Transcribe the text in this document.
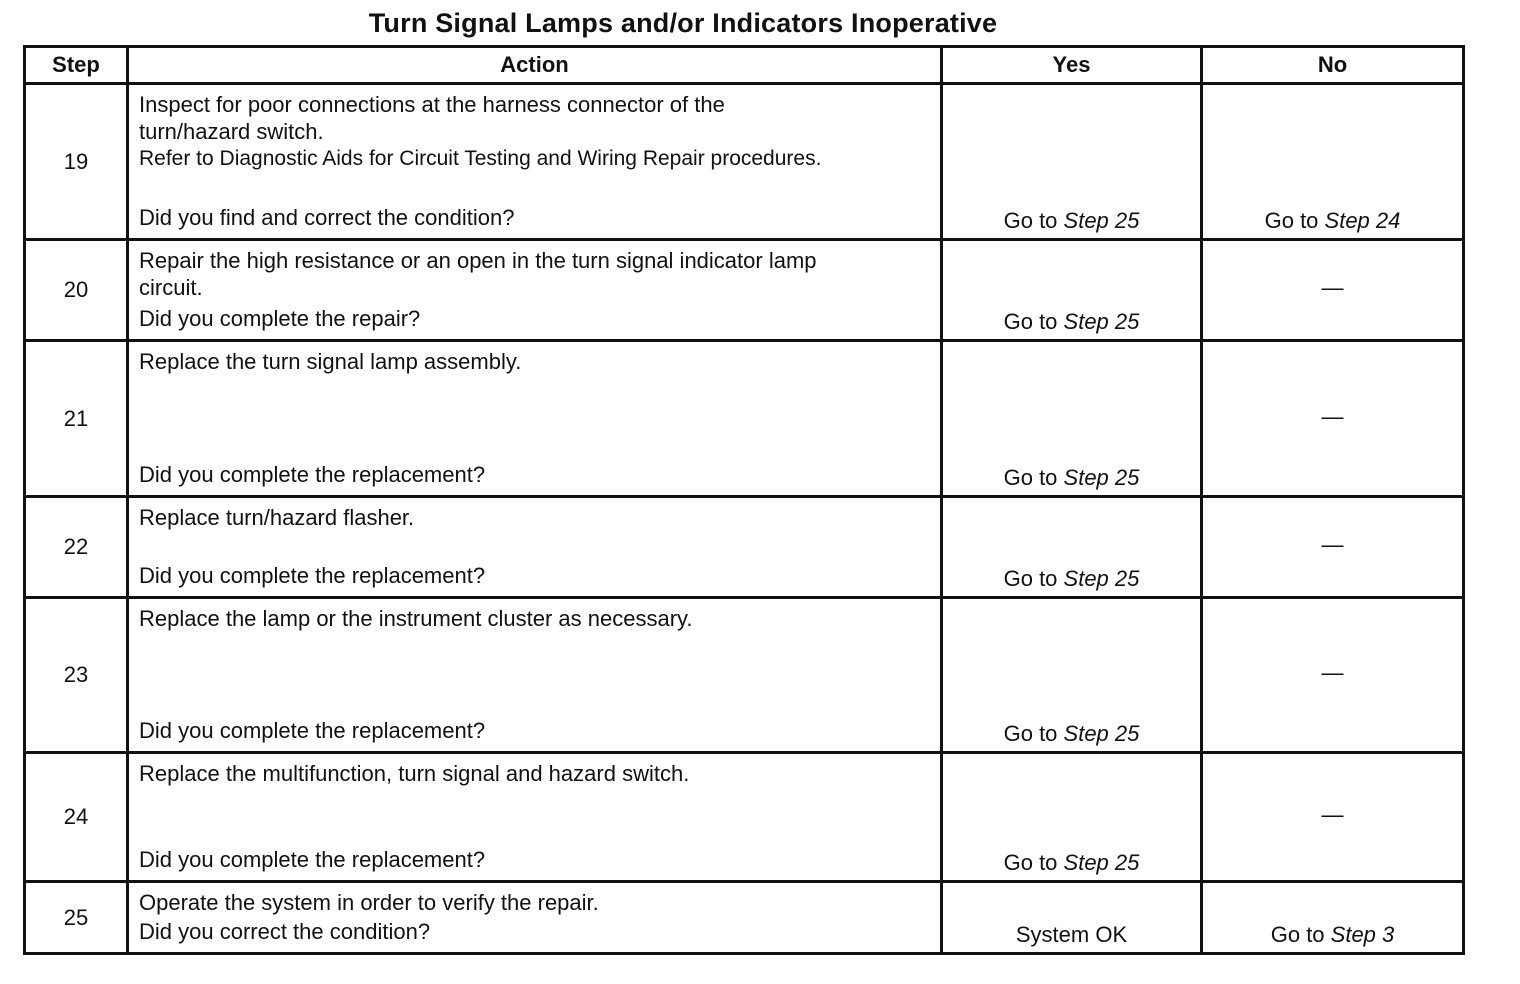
Turn Signal Lamps and/or Indicators Inoperative
Step	Action	Yes	No
19	Inspect for poor connections at the harness connector of the
turn/hazard switch.
Refer to Diagnostic Aids for Circuit Testing and Wiring Repair procedures.
Did you find and correct the condition?	Go to Step 25	Go to Step 24
20	Repair the high resistance or an open in the turn signal indicator lamp
circuit.
Did you complete the repair?	Go to Step 25	—
21	Replace the turn signal lamp assembly.
Did you complete the replacement?	Go to Step 25	—
22	Replace turn/hazard flasher.
Did you complete the replacement?	Go to Step 25	—
23	Replace the lamp or the instrument cluster as necessary.
Did you complete the replacement?	Go to Step 25	—
24	Replace the multifunction, turn signal and hazard switch.
Did you complete the replacement?	Go to Step 25	—
25	Operate the system in order to verify the repair.
Did you correct the condition?	System OK	Go to Step 3
